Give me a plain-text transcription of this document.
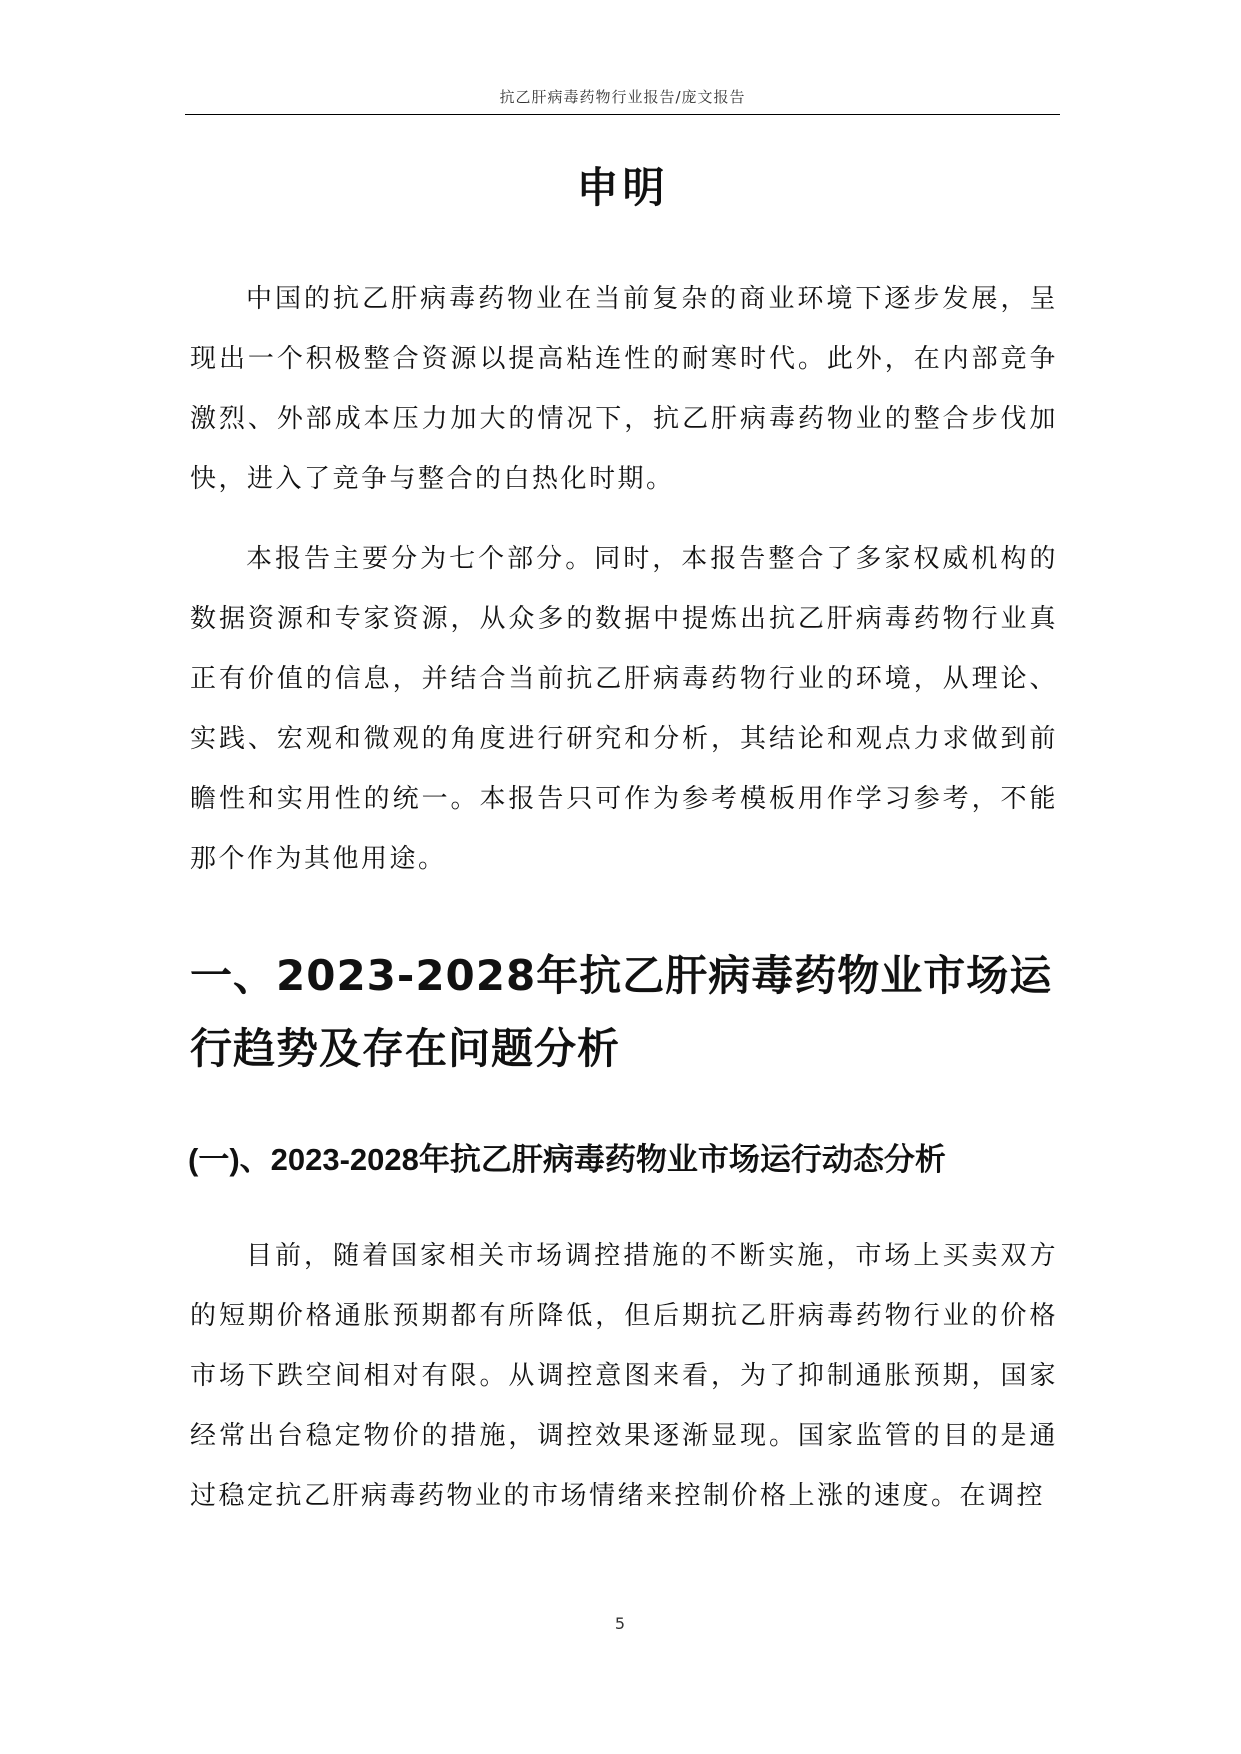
抗乙肝病毒药物行业报告/庞文报告
申明

中国的抗乙肝病毒药物业在当前复杂的商业环境下逐步发展，呈现出一个积极整合资源以提高粘连性的耐寒时代。此外，在内部竞争激烈、外部成本压力加大的情况下，抗乙肝病毒药物业的整合步伐加快，进入了竞争与整合的白热化时期。

本报告主要分为七个部分。同时，本报告整合了多家权威机构的数据资源和专家资源，从众多的数据中提炼出抗乙肝病毒药物行业真正有价值的信息，并结合当前抗乙肝病毒药物行业的环境，从理论、实践、宏观和微观的角度进行研究和分析，其结论和观点力求做到前瞻性和实用性的统一。本报告只可作为参考模板用作学习参考，不能那个作为其他用途。

一、2023-2028年抗乙肝病毒药物业市场运行趋势及存在问题分析
(一)、2023-2028年抗乙肝病毒药物业市场运行动态分析

目前，随着国家相关市场调控措施的不断实施，市场上买卖双方的短期价格通胀预期都有所降低，但后期抗乙肝病毒药物行业的价格市场下跌空间相对有限。从调控意图来看，为了抑制通胀预期，国家经常出台稳定物价的措施，调控效果逐渐显现。国家监管的目的是通过稳定抗乙肝病毒药物业的市场情绪来控制价格上涨的速度。在调控

5
